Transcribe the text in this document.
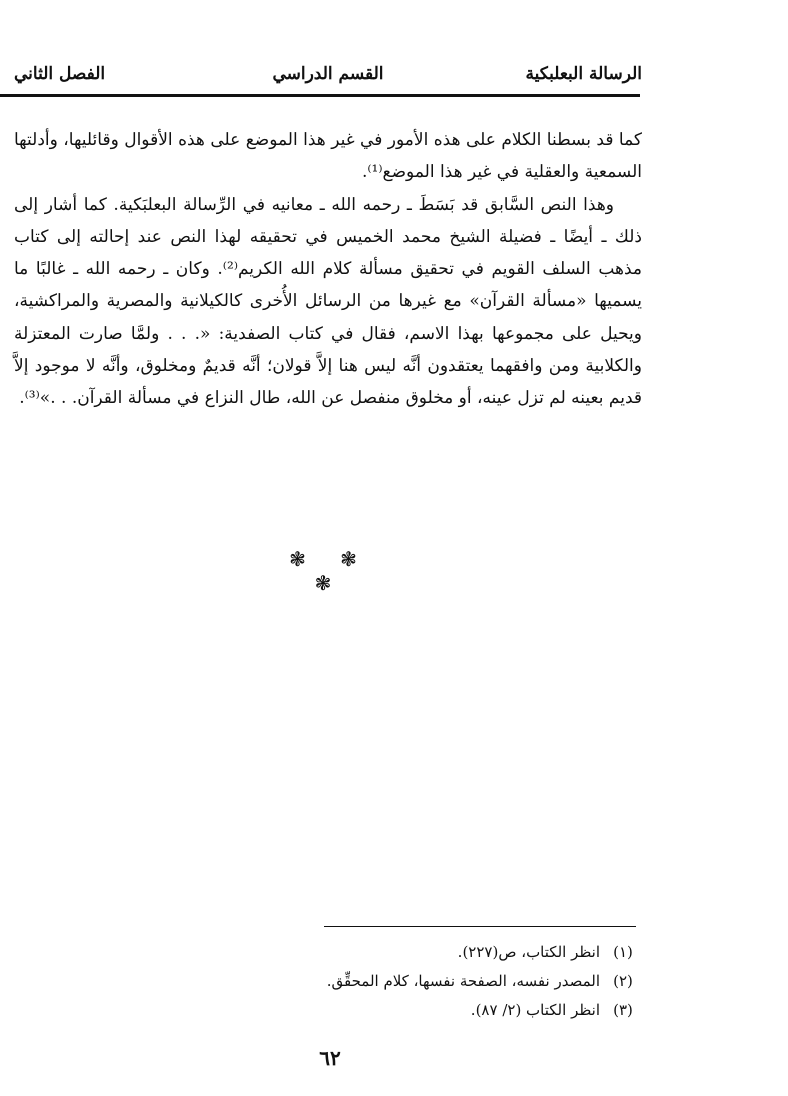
الرسالة البعلبكية
القسم الدراسي
الفصل الثاني

كما قد بسطنا الكلام على هذه الأمور في غير هذا الموضع على هذه الأقوال وقائليها، وأدلتها السمعية والعقلية في غير هذا الموضع⁽¹⁾.

وهذا النص السَّابق قد بَسَطَ ـ رحمه الله ـ معانيه في الرِّسالة البعلبَكية. كما أشار إلى ذلك ـ أيضًا ـ فضيلة الشيخ محمد الخميس في تحقيقه لهذا النص عند إحالته إلى كتاب مذهب السلف القويم في تحقيق مسألة كلام الله الكريم⁽²⁾. وكان ـ رحمه الله ـ غالبًا ما يسميها «مسألة القرآن» مع غيرها من الرسائل الأُخرى كالكيلانية والمصرية والمراكشية، ويحيل على مجموعها بهذا الاسم، فقال في كتاب الصفدية: «. . . ولمَّا صارت المعتزلة والكلابية ومن وافقهما يعتقدون أنَّه ليس هنا إلاَّ قولان؛ أنَّه قديمٌ ومخلوق، وأنَّه لا موجود إلاَّ قديم بعينه لم تزل عينه، أو مخلوق منفصل عن الله، طال النزاع في مسألة القرآن. . .»⁽³⁾.

❃ ❃ ❃
(١)
انظر الكتاب، ص(٢٢٧).
(٢)
المصدر نفسه، الصفحة نفسها، كلام المحقِّق.
(٣)
انظر الكتاب (٢/ ٨٧).
٦٢
